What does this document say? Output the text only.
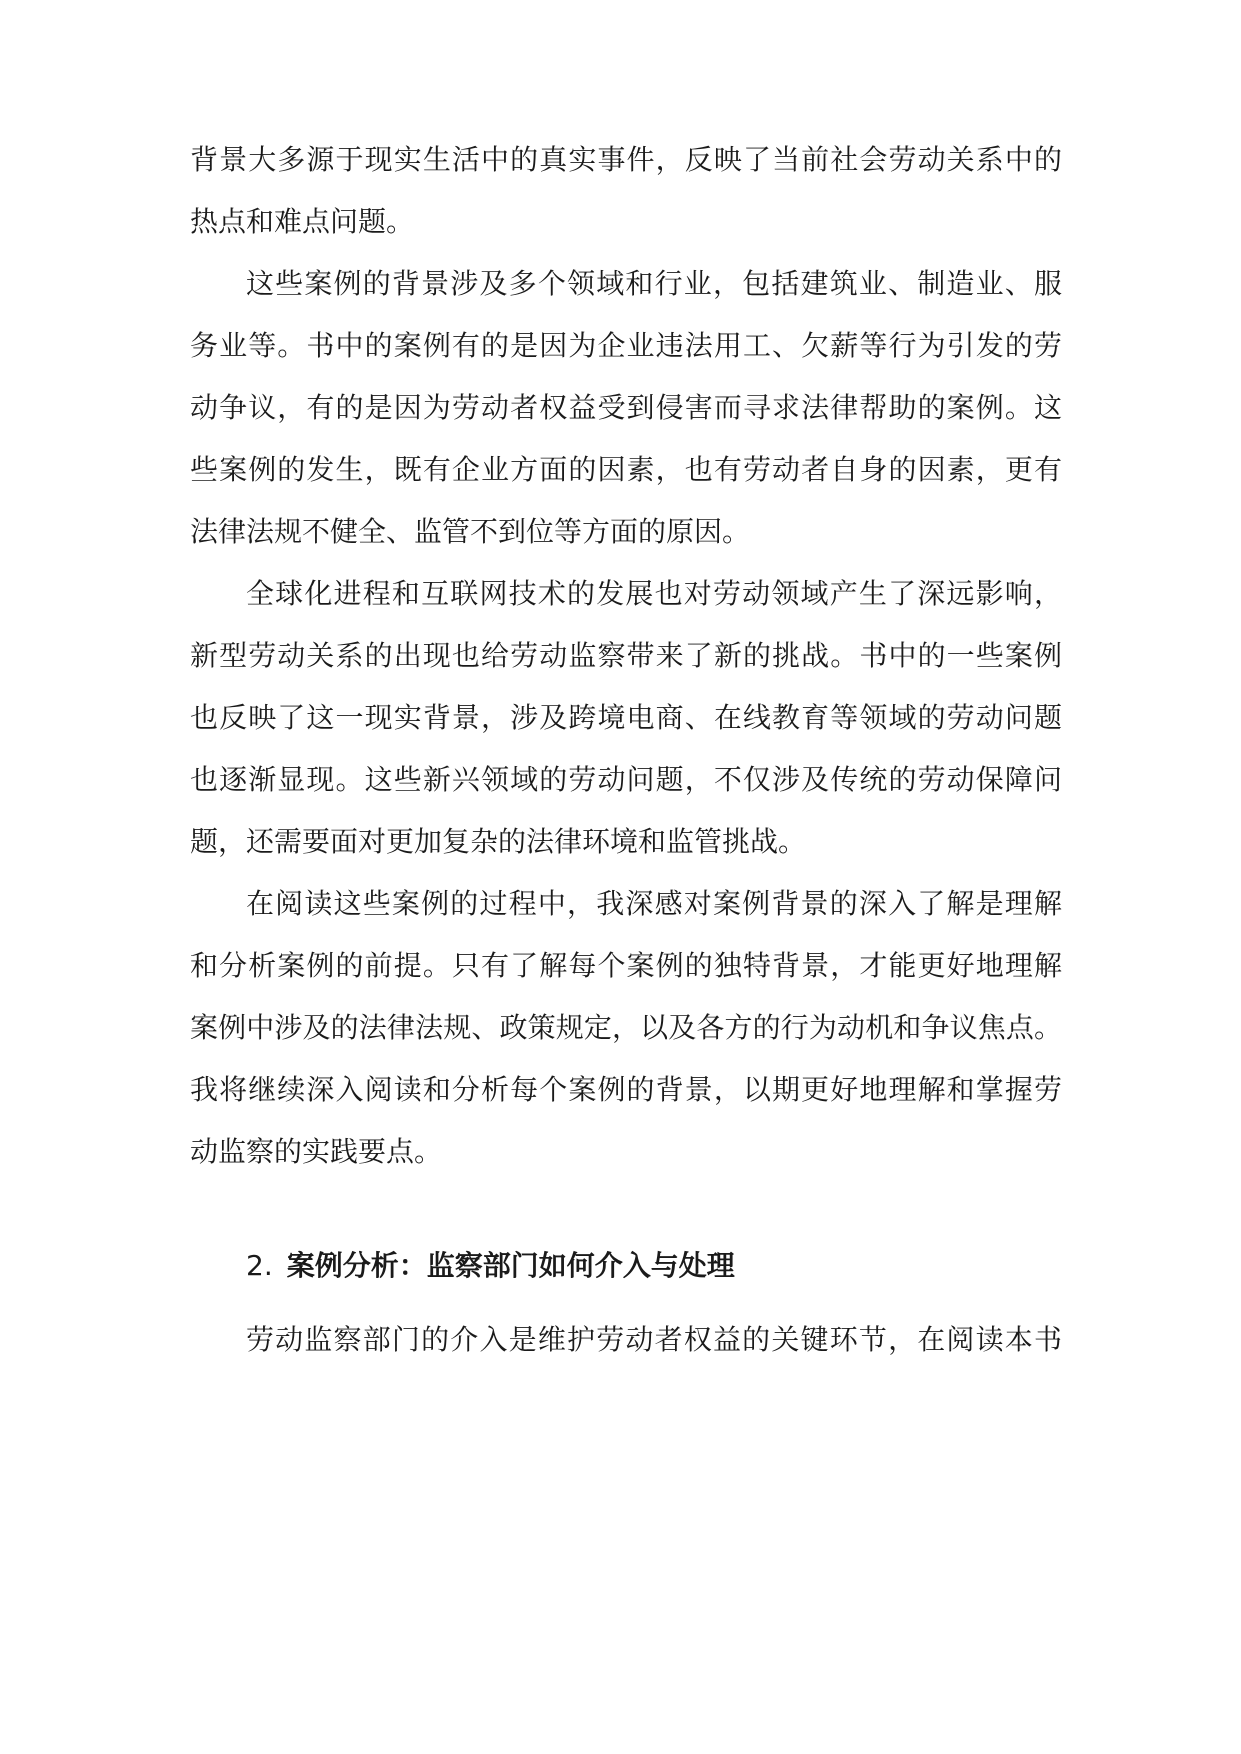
背景大多源于现实生活中的真实事件，反映了当前社会劳动关系中的
热点和难点问题。
这些案例的背景涉及多个领域和行业，包括建筑业、制造业、服
务业等。书中的案例有的是因为企业违法用工、欠薪等行为引发的劳
动争议，有的是因为劳动者权益受到侵害而寻求法律帮助的案例。这
些案例的发生，既有企业方面的因素，也有劳动者自身的因素，更有
法律法规不健全、监管不到位等方面的原因。
全球化进程和互联网技术的发展也对劳动领域产生了深远影响，
新型劳动关系的出现也给劳动监察带来了新的挑战。书中的一些案例
也反映了这一现实背景，涉及跨境电商、在线教育等领域的劳动问题
也逐渐显现。这些新兴领域的劳动问题，不仅涉及传统的劳动保障问
题，还需要面对更加复杂的法律环境和监管挑战。
在阅读这些案例的过程中，我深感对案例背景的深入了解是理解
和分析案例的前提。只有了解每个案例的独特背景，才能更好地理解
案例中涉及的法律法规、政策规定，以及各方的行为动机和争议焦点。
我将继续深入阅读和分析每个案例的背景，以期更好地理解和掌握劳
动监察的实践要点。
2. 案例分析：监察部门如何介入与处理
劳动监察部门的介入是维护劳动者权益的关键环节，在阅读本书
